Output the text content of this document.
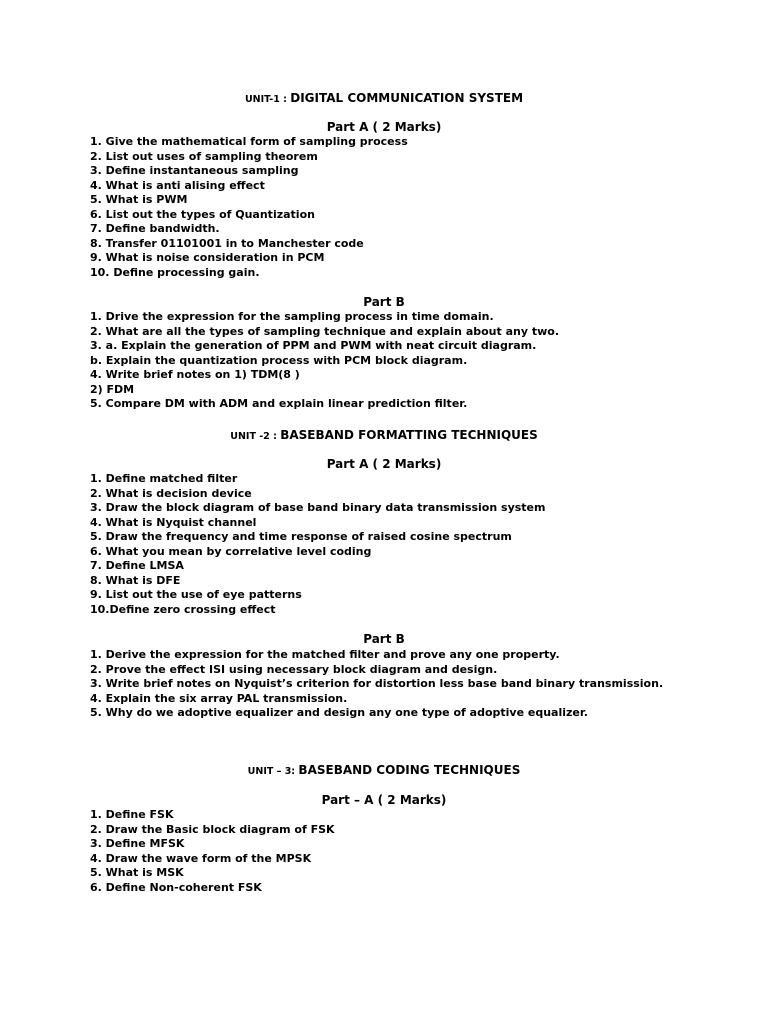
UNIT-1 : DIGITAL COMMUNICATION SYSTEM
Part A ( 2 Marks)
1. Give the mathematical form of sampling process
2. List out uses of sampling theorem
3. Define instantaneous sampling
4. What is anti alising effect
5. What is PWM
6. List out the types of Quantization
7. Define bandwidth.
8. Transfer 01101001 in to Manchester code
9. What is noise consideration in PCM
10. Define processing gain.
Part B
1. Drive the expression for the sampling process in time domain.
2. What are all the types of sampling technique and explain about any two.
3. a. Explain the generation of PPM and PWM with neat circuit diagram.
b. Explain the quantization process with PCM block diagram.
4. Write brief notes on 1) TDM(8 )
2) FDM
5. Compare DM with ADM and explain linear prediction filter.
UNIT -2 : BASEBAND FORMATTING TECHNIQUES
Part A ( 2 Marks)
1. Define matched filter
2. What is decision device
3. Draw the block diagram of base band binary data transmission system
4. What is Nyquist channel
5. Draw the frequency and time response of raised cosine spectrum
6. What you mean by correlative level coding
7. Define LMSA
8. What is DFE
9. List out the use of eye patterns
10.Define zero crossing effect
Part B
1. Derive the expression for the matched filter and prove any one property.
2. Prove the effect ISI using necessary block diagram and design.
3. Write brief notes on Nyquist’s criterion for distortion less base band binary transmission.
4. Explain the six array PAL transmission.
5. Why do we adoptive equalizer and design any one type of adoptive equalizer.
UNIT – 3: BASEBAND CODING TECHNIQUES
Part – A ( 2 Marks)
1. Define FSK
2. Draw the Basic block diagram of FSK
3. Define MFSK
4. Draw the wave form of the MPSK
5. What is MSK
6. Define Non-coherent FSK
